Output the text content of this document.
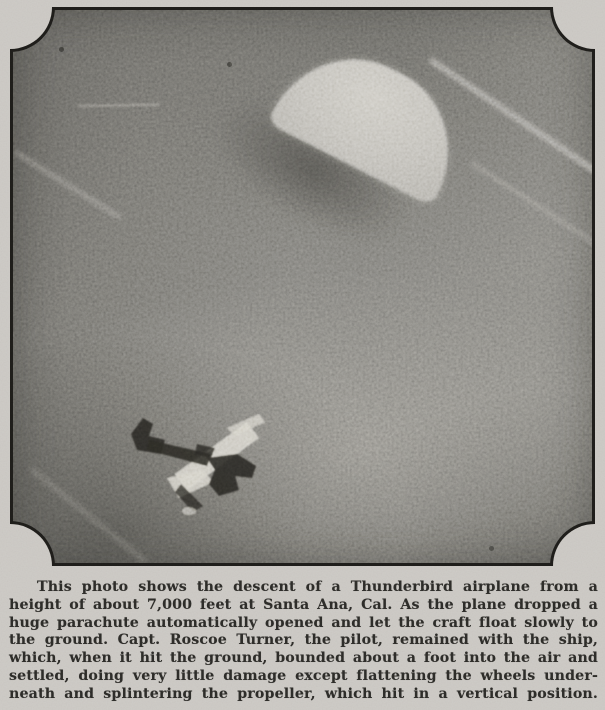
This photo shows the descent of a Thunderbird airplane from a

height of about 7,000 feet at Santa Ana, Cal. As the plane dropped a

huge parachute automatically opened and let the craft float slowly to

the ground. Capt. Roscoe Turner, the pilot, remained with the ship,

which, when it hit the ground, bounded about a foot into the air and

settled, doing very little damage except flattening the wheels under-

neath and splintering the propeller, which hit in a vertical position.
